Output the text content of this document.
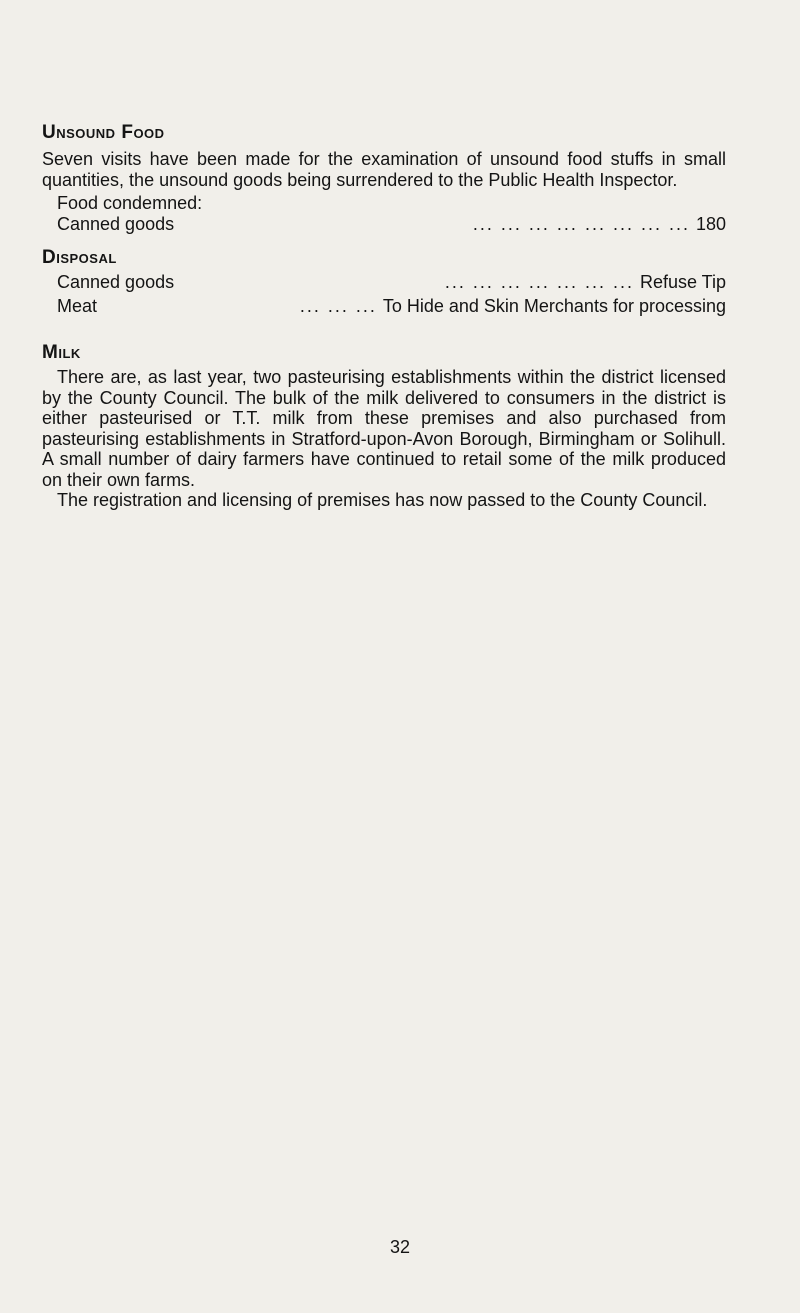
Unsound Food

Seven visits have been made for the examination of unsound food stuffs in small quantities, the unsound goods being surrendered to the Public Health Inspector.

Food condemned:
Canned goods	... ... ... ... ... ... ... ... 180
Disposal
Canned goods	... ... ... ... ... ... ... Refuse Tip
Meat	... ... ... To Hide and Skin Merchants for processing
Milk

There are, as last year, two pasteurising establishments within the district licensed by the County Council. The bulk of the milk delivered to consumers in the district is either pasteurised or T.T. milk from these premises and also purchased from pasteurising establishments in Stratford-upon-Avon Borough, Birmingham or Solihull. A small number of dairy farmers have continued to retail some of the milk produced on their own farms.

The registration and licensing of premises has now passed to the County Council.

32
